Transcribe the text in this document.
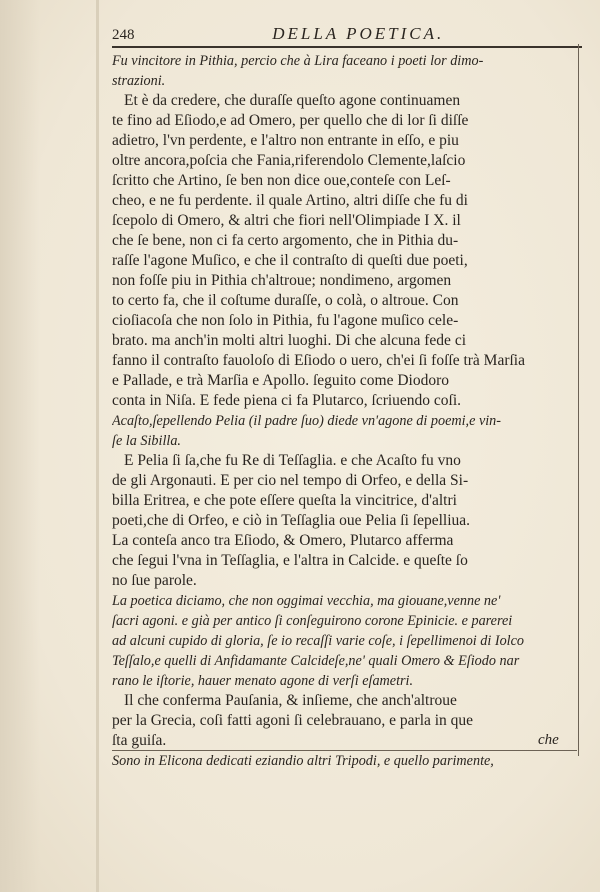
248	DELLA POETICA.
Fu vincitore in Pithia, percio che à Lira faceano i poeti lor dimo-
strazioni.
Et è da credere, che duraſſe queſto agone continuamen
te fino ad Eſiodo,e ad Omero, per quello che di lor ſi diſſe
adietro, l'vn perdente, e l'altro non entrante in eſſo, e piu
oltre ancora,poſcia che Fania,riferendolo Clemente,laſcio
ſcritto che Artino, ſe ben non dice oue,conteſe con Leſ-
cheo, e ne fu perdente. il quale Artino, altri diſſe che fu di
ſcepolo di Omero, & altri che fiori nell'Olimpiade I X. il
che ſe bene, non ci fa certo argomento, che in Pithia du-
raſſe l'agone Muſico, e che il contraſto di queſti due poeti,
non foſſe piu in Pithia ch'altroue; nondimeno, argomen
to certo fa, che il coſtume duraſſe, o colà, o altroue. Con
cioſiacoſa che non ſolo in Pithia, fu l'agone muſico cele-
brato. ma anch'in molti altri luoghi. Di che alcuna fede ci
fanno il contraſto fauoloſo di Eſiodo o uero, ch'ei ſi foſſe trà Marſia
e Pallade, e trà Marſia e Apollo. ſeguito come Diodoro
conta in Niſa. E fede piena ci fa Plutarco, ſcriuendo coſi.
Acaſto,ſepellendo Pelia (il padre ſuo) diede vn'agone di poemi,e vin-
ſe la Sibilla.
E Pelia ſi ſa,che fu Re di Teſſaglia. e che Acaſto fu vno
de gli Argonauti. E per cio nel tempo di Orfeo, e della Si-
billa Eritrea, e che pote eſſere queſta la vincitrice, d'altri
poeti,che di Orfeo, e ciò in Teſſaglia oue Pelia ſi ſepelliua.
La conteſa anco tra Eſiodo, & Omero, Plutarco afferma
che ſegui l'vna in Teſſaglia, e l'altra in Calcide. e queſte ſo
no ſue parole.
La poetica diciamo, che non oggimai vecchia, ma giouane,venne ne'
ſacri agoni. e già per antico ſi conſeguirono corone Epinicie. e parerei
ad alcuni cupido di gloria, ſe io recaſſi varie coſe, i ſepellimenoi di Iolco
Teſſalo,e quelli di Anfidamante Calcideſe,ne' quali Omero & Eſiodo nar
rano le iſtorie, hauer menato agone di verſi eſametri.
Il che conferma Pauſania, & inſieme, che anch'altroue
per la Grecia, coſi fatti agoni ſi celebrauano, e parla in que
ſta guiſa.
Sono in Elicona dedicati eziandio altri Tripodi, e quello parimente,
che
